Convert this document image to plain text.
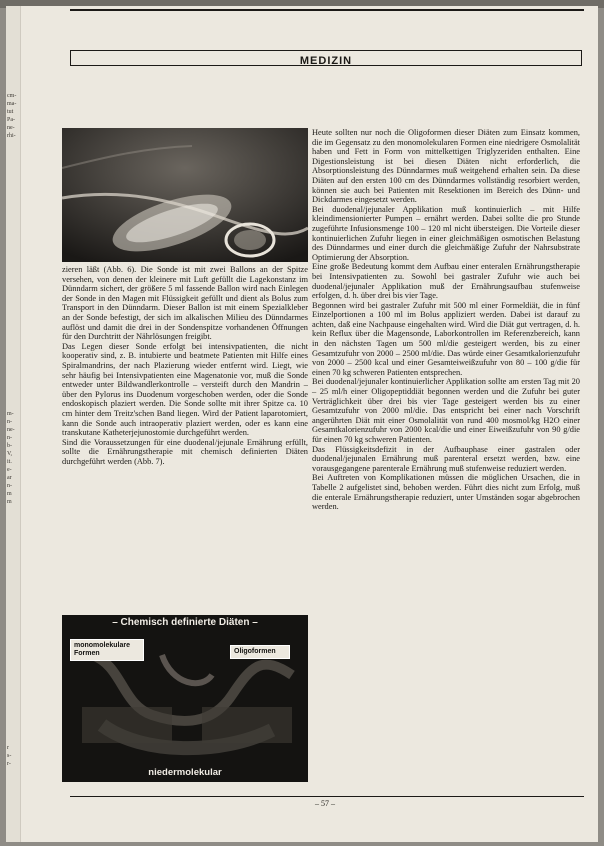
cm-
ma-
tut
Pa-
ne-
rhi-
m-
n-
ne-
n-
b-
V,
it.
e-
ar
n-
m
m
r
s-
r-
MEDIZIN

zieren läßt (Abb. 6). Die Sonde ist mit zwei Ballons an der Spitze versehen, von denen der kleinere mit Luft gefüllt die Lagekonstanz im Dünndarm sichert, der größere 5 ml fassende Ballon wird nach Einlegen der Sonde in den Magen mit Flüssigkeit gefüllt und dient als Bolus zum Transport in den Dünndarm. Dieser Ballon ist mit einem Spezialkleber an der Sonde befestigt, der sich im alkalischen Milieu des Dünndarmes auflöst und damit die drei in der Sondenspitze vorhandenen Öffnungen für den Durchtritt der Nährlösungen freigibt.

Das Legen dieser Sonde erfolgt bei intensivpatienten, die nicht kooperativ sind, z. B. intubierte und beatmete Patienten mit Hilfe eines Spiralmandrins, der nach Plazierung wieder entfernt wird. Liegt, wie sehr häufig bei Intensivpatienten eine Magenatonie vor, muß die Sonde entweder unter Bildwandlerkontrolle – versteift durch den Mandrin – über den Pylorus ins Duodenum vorgeschoben werden, oder die Sonde endoskopisch plaziert werden. Die Sonde sollte mit ihrer Spitze ca. 10 cm hinter dem Treitz'schen Band liegen. Wird der Patient laparotomiert, kann die Sonde auch intraoperativ plaziert werden, oder es kann eine transkutane Katheterjejunostomie durchgeführt werden.

Sind die Voraussetzungen für eine duodenal/jejunale Ernährung erfüllt, sollte die Ernährungstherapie mit chemisch definierten Diäten durchgeführt werden (Abb. 7).

Heute sollten nur noch die Oligoformen dieser Diäten zum Einsatz kommen, die im Gegensatz zu den monomolekularen Formen eine niedrigere Osmolalität haben und Fett in Form von mittelkettigen Triglyzeriden enthalten. Eine Digestionsleistung ist bei diesen Diäten nicht erforderlich, die Absorptionsleistung des Dünndarmes muß weitgehend erhalten sein. Da diese Diäten auf den ersten 100 cm des Dünndarmes vollständig resorbiert werden, können sie auch bei Patienten mit Resektionen im Bereich des Dünn- und Dickdarmes eingesetzt werden.

Bei duodenal/jejunaler Applikation muß kontinuierlich – mit Hilfe kleindimensionierter Pumpen – ernährt werden. Dabei sollte die pro Stunde zugeführte Infusionsmenge 100 – 120 ml nicht übersteigen. Die Vorteile dieser kontinuierlichen Zufuhr liegen in einer gleichmäßigen osmotischen Belastung des Dünndarmes und einer durch die gleichmäßige Zufuhr der Nahrsubstrate Optimierung der Absorption.

Eine große Bedeutung kommt dem Aufbau einer enteralen Ernährungstherapie bei Intensivpatienten zu. Sowohl bei gastraler Zufuhr wie auch bei duodenal/jejunaler Applikation muß der Ernährungsaufbau stufenweise erfolgen, d. h. über drei bis vier Tage.

Begonnen wird bei gastraler Zufuhr mit 500 ml einer Formeldiät, die in fünf Einzelportionen a 100 ml im Bolus appliziert werden. Dabei ist darauf zu achten, daß eine Nachpause eingehalten wird. Wird die Diät gut vertragen, d. h. kein Reflux über die Magensonde, Laborkontrollen im Referenzbereich, kann in den nächsten Tagen um 500 ml/die gesteigert werden, bis zu einer Gesamtzufuhr von 2000 – 2500 ml/die. Das würde einer Gesamtkalorienzufuhr von 2000 – 2500 kcal und einer Gesamteiweißzufuhr von 80 – 100 g/die für einen 70 kg schweren Patienten entsprechen.

Bei duodenal/jejunaler kontinuierlicher Applikation sollte am ersten Tag mit 20 – 25 ml/h einer Oligopeptiddiät begonnen werden und die Zufuhr bei guter Verträglichkeit über drei bis vier Tage gesteigert werden bis zu einer Gesamtzufuhr von 2000 ml/die. Das entspricht bei einer nach Vorschrift angerührten Diät mit einer Osmolalität von rund 400 mosmol/kg H2O einer Gesamtkalorienzufuhr von 2000 kcal/die und einer Eiweißzufuhr von 90 g/die für einen 70 kg schweren Patienten.

Das Flüssigkeitsdefizit in der Aufbauphase einer gastralen oder duodenal/jejunalen Ernährung muß parenteral ersetzt werden, bzw. eine vorausgegangene parenterale Ernährung muß stufenweise reduziert werden.

Bei Auftreten von Komplikationen müssen die möglichen Ursachen, die in Tabelle 2 aufgelistet sind, behoben werden. Führt dies nicht zum Erfolg, muß die enterale Ernährungstherapie reduziert, unter Umständen sogar abgebrochen werden.

– Chemisch definierte Diäten –
monomolekulare Formen	Oligoformen
niedermolekular
– 57 –
